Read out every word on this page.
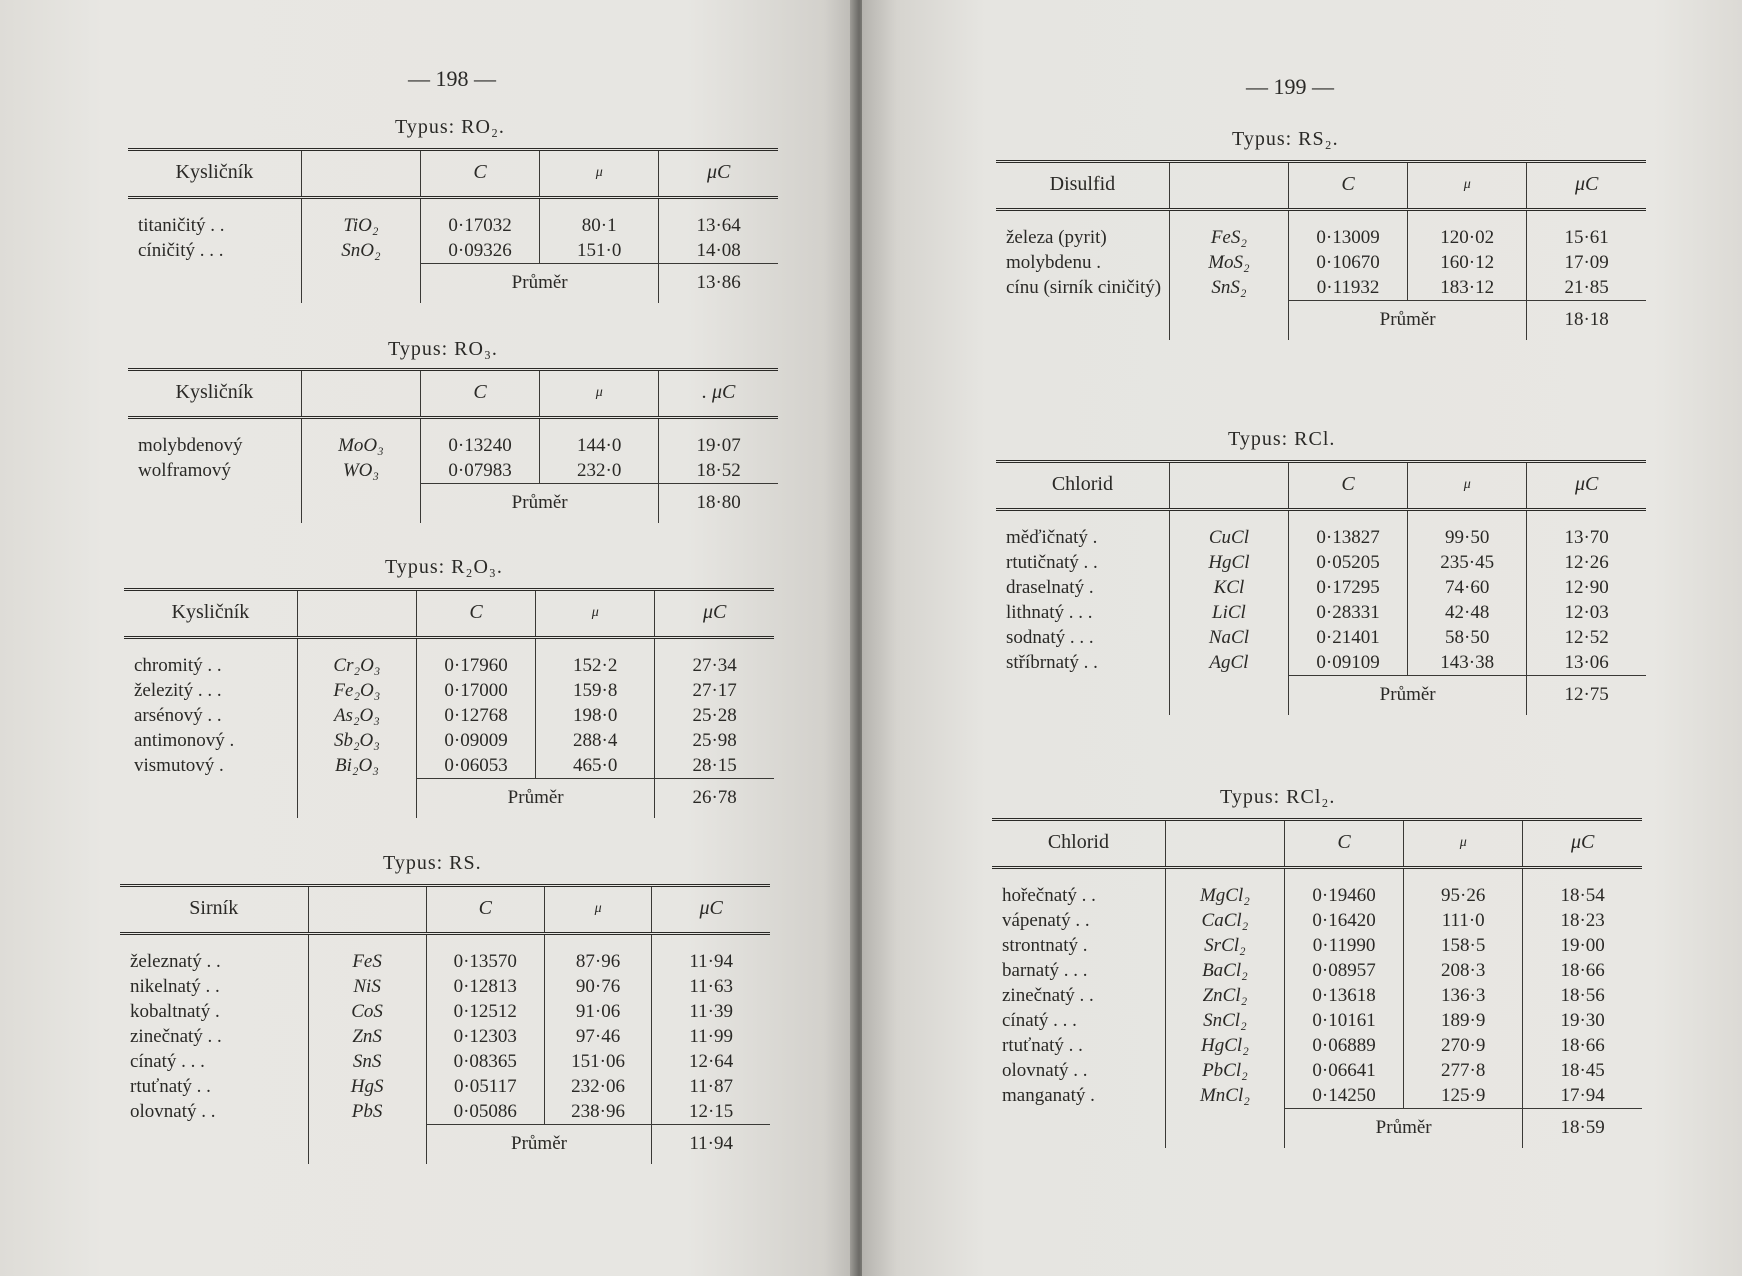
— 198 —
Typus: RO₂.
Kysličník		C	μ	μC
titaničitý . .	TiO₂	0·17032	80·1	13·64
cíničitý . . .	SnO₂	0·09326	151·0	14·08
		Průměr		13·86
Typus: RO₃.
Kysličník		C	μ	. μC
molybdenový	MoO₃	0·13240	144·0	19·07
wolframový	WO₃	0·07983	232·0	18·52
		Průměr		18·80
Typus: R₂O₃.
Kysličník		C	μ	μC
chromitý . .	Cr₂O₃	0·17960	152·2	27·34
železitý . . .	Fe₂O₃	0·17000	159·8	27·17
arsénový . .	As₂O₃	0·12768	198·0	25·28
antimonový .	Sb₂O₃	0·09009	288·4	25·98
vismutový .	Bi₂O₃	0·06053	465·0	28·15
		Průměr		26·78
Typus: RS.
Sirník		C	μ	μC
železnatý . .	FeS	0·13570	87·96	11·94
nikelnatý . .	NiS	0·12813	90·76	11·63
kobaltnatý .	CoS	0·12512	91·06	11·39
zinečnatý . .	ZnS	0·12303	97·46	11·99
cínatý . . .	SnS	0·08365	151·06	12·64
rtuťnatý . .	HgS	0·05117	232·06	11·87
olovnatý . .	PbS	0·05086	238·96	12·15
		Průměr		11·94
— 199 —
Typus: RS₂.
Disulfid		C	μ	μC
železa (pyrit)	FeS₂	0·13009	120·02	15·61
molybdenu .	MoS₂	0·10670	160·12	17·09
cínu (sirník ciničitý)	SnS₂	0·11932	183·12	21·85
		Průměr		18·18
Typus: RCl.
Chlorid		C	μ	μC
měďičnatý .	CuCl	0·13827	99·50	13·70
rtutičnatý . .	HgCl	0·05205	235·45	12·26
draselnatý .	KCl	0·17295	74·60	12·90
lithnatý . . .	LiCl	0·28331	42·48	12·03
sodnatý . . .	NaCl	0·21401	58·50	12·52
stříbrnatý . .	AgCl	0·09109	143·38	13·06
		Průměr		12·75
Typus: RCl₂.
Chlorid		C	μ	μC
hořečnatý . .	MgCl₂	0·19460	95·26	18·54
vápenatý . .	CaCl₂	0·16420	111·0	18·23
strontnatý .	SrCl₂	0·11990	158·5	19·00
barnatý . . .	BaCl₂	0·08957	208·3	18·66
zinečnatý . .	ZnCl₂	0·13618	136·3	18·56
cínatý . . .	SnCl₂	0·10161	189·9	19·30
rtuťnatý . .	HgCl₂	0·06889	270·9	18·66
olovnatý . .	PbCl₂	0·06641	277·8	18·45
manganatý .	MnCl₂	0·14250	125·9	17·94
		Průměr		18·59
